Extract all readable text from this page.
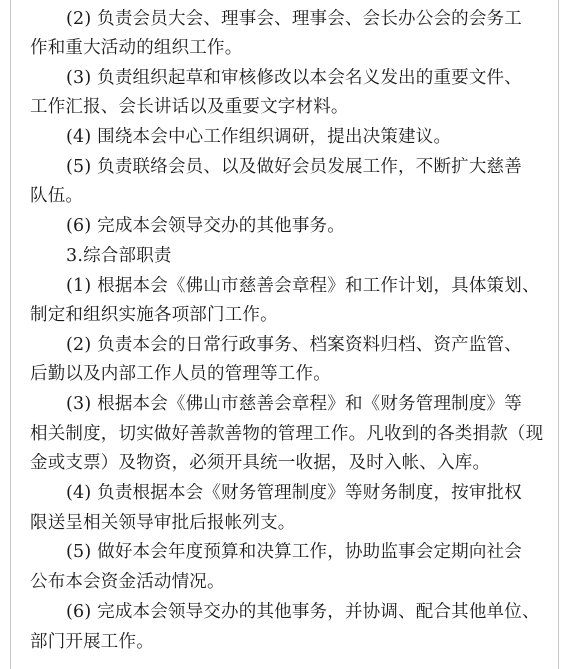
(2) 负责会员大会、理事会、理事会、会长办公会的会务工
作和重大活动的组织工作。
(3) 负责组织起草和审核修改以本会名义发出的重要文件、
工作汇报、会长讲话以及重要文字材料。
(4) 围绕本会中心工作组织调研，提出决策建议。
(5) 负责联络会员、以及做好会员发展工作，不断扩大慈善
队伍。
(6) 完成本会领导交办的其他事务。
3.综合部职责
(1) 根据本会《佛山市慈善会章程》和工作计划，具体策划、
制定和组织实施各项部门工作。
(2) 负责本会的日常行政事务、档案资料归档、资产监管、
后勤以及内部工作人员的管理等工作。
(3) 根据本会《佛山市慈善会章程》和《财务管理制度》等
相关制度，切实做好善款善物的管理工作。凡收到的各类捐款（现
金或支票）及物资，必须开具统一收据，及时入帐、入库。
(4) 负责根据本会《财务管理制度》等财务制度，按审批权
限送呈相关领导审批后报帐列支。
(5) 做好本会年度预算和决算工作，协助监事会定期向社会
公布本会资金活动情况。
(6) 完成本会领导交办的其他事务，并协调、配合其他单位、
部门开展工作。
